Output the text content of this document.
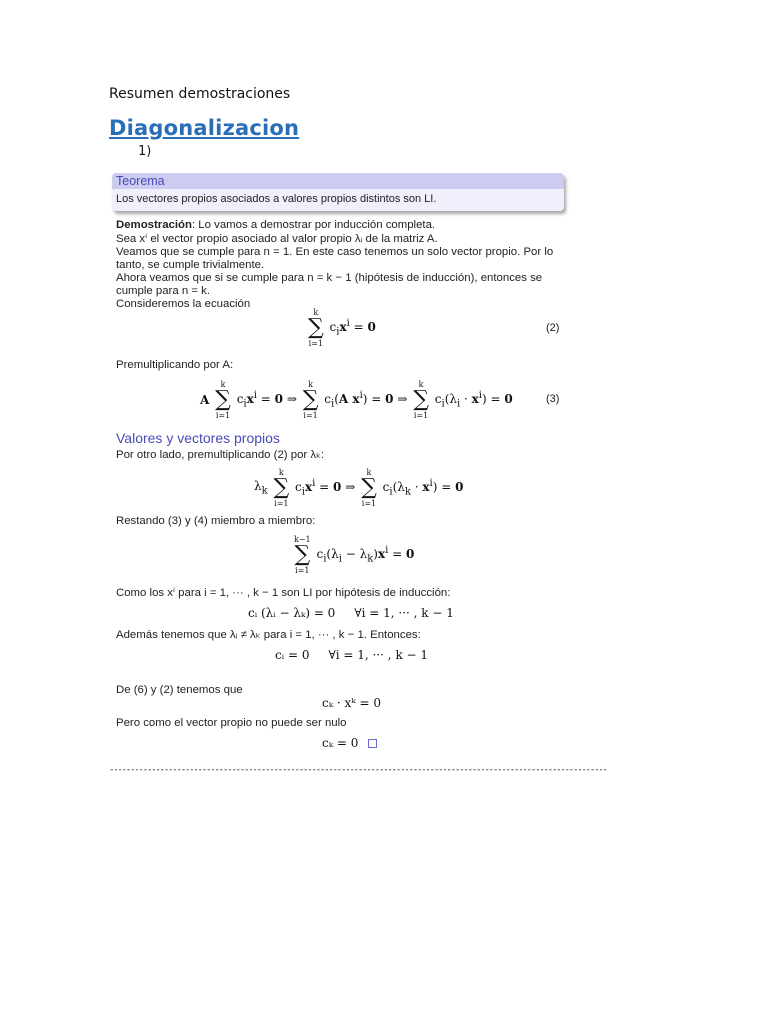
Resumen demostraciones
Diagonalizacion
1)
Teorema
Los vectores propios asociados a valores propios distintos son LI.
Demostración: Lo vamos a demostrar por inducción completa.
Sea xⁱ el vector propio asociado al valor propio λᵢ de la matriz A.
Veamos que se cumple para n = 1. En este caso tenemos un solo vector propio. Por lo
tanto, se cumple trivialmente.
Ahora veamos que si se cumple para n = k − 1 (hipótesis de inducción), entonces se
cumple para n = k.
Consideremos la ecuación
k
∑
i=1 $c_ix^i = 0$	(2)
Premultiplicando por A:
A k
∑
i=1 $c_ix^i = 0$ ⇒ k
∑
i=1 $c_i(A$ $x^i) = 0$ ⇒ k
∑
i=1 $c_i(\lambda_i \cdot x^i) = 0$	(3)
Valores y vectores propios
Por otro lado, premultiplicando (2) por λₖ:
$\lambda_k$ k
∑
i=1 $c_ix^i = 0$ ⇒ k
∑
i=1 $c_i(\lambda_k \cdot x^i) = 0$
Restando (3) y (4) miembro a miembro:
k−1
∑
i=1 $c_i(\lambda_i - \lambda_k)x^i = 0$
Como los xⁱ para i = 1, ··· , k − 1 son LI por hipótesis de inducción:
cᵢ (λᵢ − λₖ) = 0     ∀i = 1, ··· , k − 1
Además tenemos que λᵢ ≠ λₖ para i = 1, ··· , k − 1. Entonces:
cᵢ = 0     ∀i = 1, ··· , k − 1
De (6) y (2) tenemos que
cₖ · xᵏ = 0
Pero como el vector propio no puede ser nulo
cₖ = 0
----------------------------------------------------------------------------------------------------------------------
